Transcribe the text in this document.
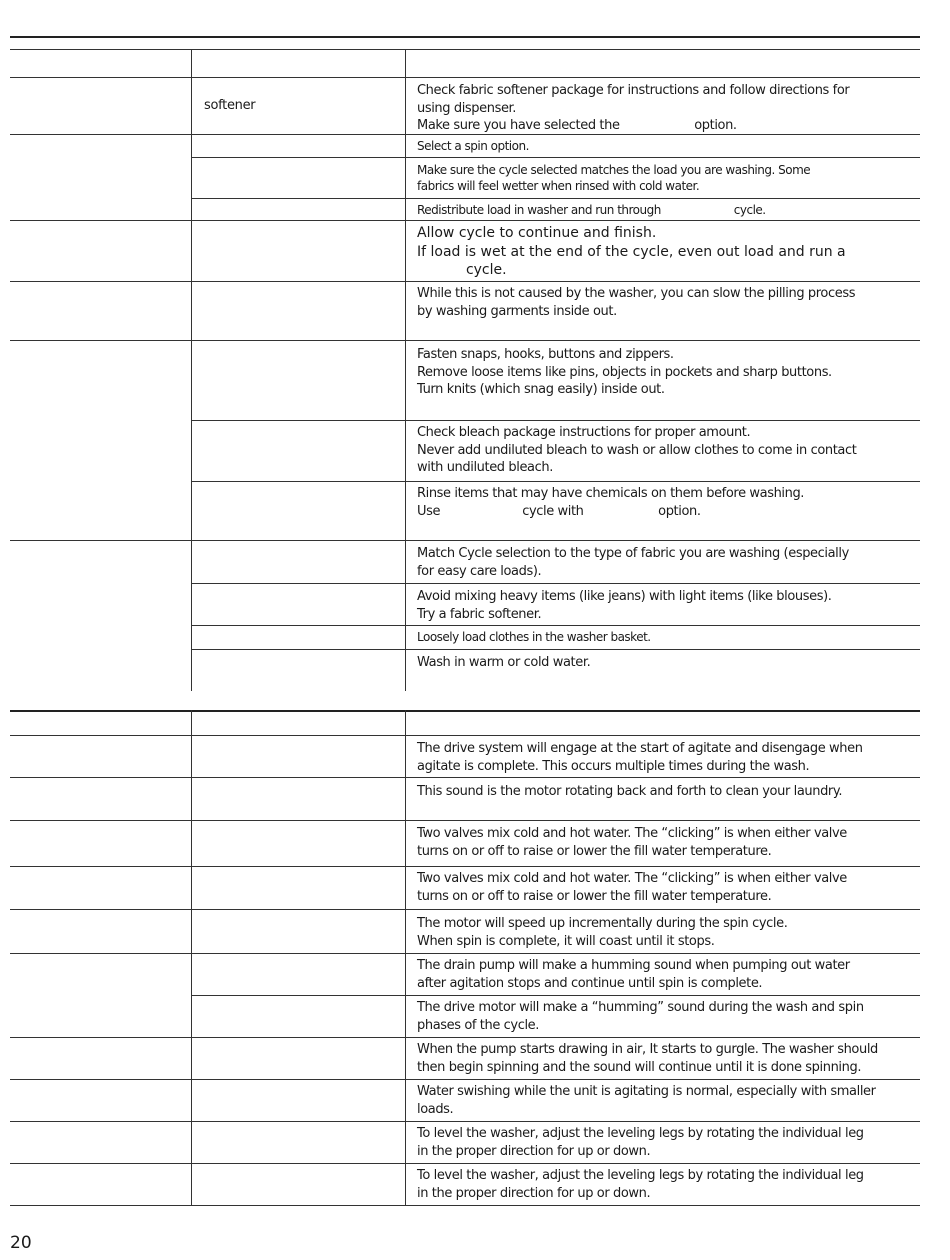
softener
Check fabric softener package for instructions and follow directions for
using dispenser.
Make sure you have selected the                    option.
Select a spin option.
Make sure the cycle selected matches the load you are washing. Some
fabrics will feel wetter when rinsed with cold water.
Redistribute load in washer and run through                      cycle.
Allow cycle to continue and finish.
If load is wet at the end of the cycle, even out load and run a
cycle.
While this is not caused by the washer, you can slow the pilling process
by washing garments inside out.
Fasten snaps, hooks, buttons and zippers.
Remove loose items like pins, objects in pockets and sharp buttons.
Turn knits (which snag easily) inside out.
Check bleach package instructions for proper amount.
Never add undiluted bleach to wash or allow clothes to come in contact
with undiluted bleach.
Rinse items that may have chemicals on them before washing.
Use                      cycle with                    option.
Match Cycle selection to the type of fabric you are washing (especially
for easy care loads).
Avoid mixing heavy items (like jeans) with light items (like blouses).
Try a fabric softener.
Loosely load clothes in the washer basket.
Wash in warm or cold water.
The drive system will engage at the start of agitate and disengage when
agitate is complete. This occurs multiple times during the wash.
This sound is the motor rotating back and forth to clean your laundry.
Two valves mix cold and hot water. The “clicking” is when either valve
turns on or off to raise or lower the fill water temperature.
Two valves mix cold and hot water. The “clicking” is when either valve
turns on or off to raise or lower the fill water temperature.
The motor will speed up incrementally during the spin cycle.
When spin is complete, it will coast until it stops.
The drain pump will make a humming sound when pumping out water
after agitation stops and continue until spin is complete.
The drive motor will make a “humming” sound during the wash and spin
phases of the cycle.
When the pump starts drawing in air, It starts to gurgle. The washer should
then begin spinning and the sound will continue until it is done spinning.
Water swishing while the unit is agitating is normal, especially with smaller
loads.
To level the washer, adjust the leveling legs by rotating the individual leg
in the proper direction for up or down.
To level the washer, adjust the leveling legs by rotating the individual leg
in the proper direction for up or down.
20
